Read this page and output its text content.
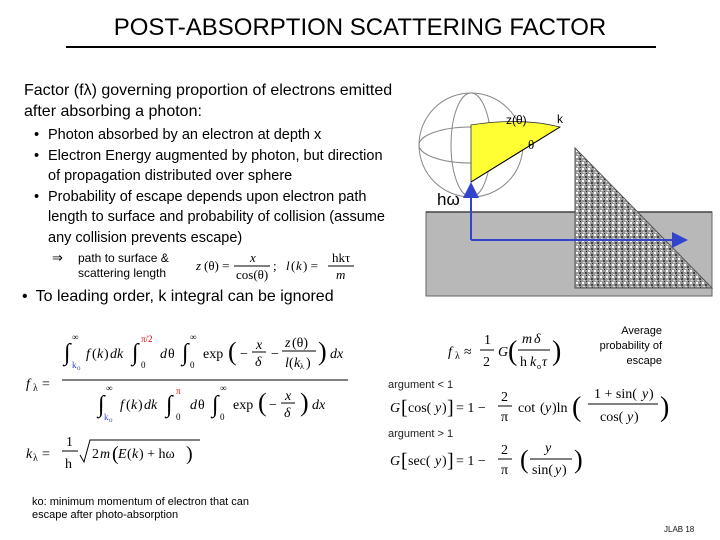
POST-ABSORPTION SCATTERING FACTOR
Factor (fλ) governing proportion of electrons emitted after absorbing a photon:
• Photon absorbed by an electron at depth x
• Electron Energy augmented by photon, but direction of propagation distributed over sphere
• Probability of escape depends upon electron path length to surface and probability of collision (assume any collision prevents escape)
⇒ path to surface & scattering length
• To leading order, k integral can be ignored
Average probability of escape
argument < 1
argument > 1
ko: minimum momentum of electron that can escape after photo-absorption
JLAB 18
z(θ)	k
θ
hω
z (θ) =
x
cos(θ)
; l ( k ) =
hkτ
m
f λ =
∫
∞
k o
f ( k ) dk ∫
π/2
0
d θ ∫
∞
0
exp ( −
x
δ
−
z (θ)
l ( k λ ) ) dx
∫
∞
k o
f ( k ) dk ∫
π
0
d θ ∫
∞
0
exp ( −
x
δ ) dx
k λ =
1
h
2 m ( E ( k ) + hω )
f λ ≈
1
2
G ( m δ
h k o τ )
G [ cos( y ) ] = 1 −
2
π
cot ( y )ln ( 1 + sin( y )
cos( y ) )
G [ sec( y ) ] = 1 −
2
π ( y
sin( y ) )
